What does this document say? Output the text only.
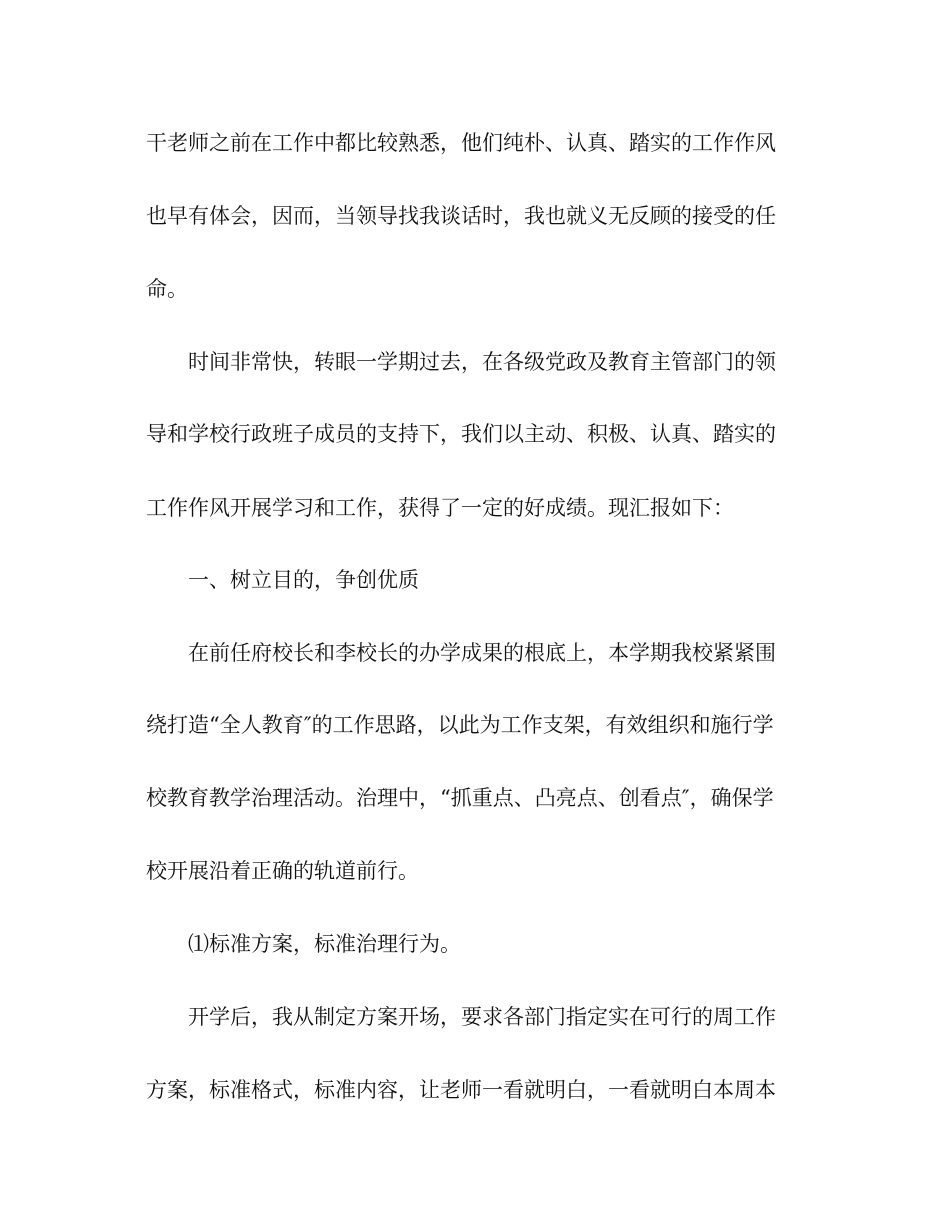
干老师之前在工作中都比较熟悉，他们纯朴、认真、踏实的工作作风
也早有体会，因而，当领导找我谈话时，我也就义无反顾的接受的任
命。
时间非常快，转眼一学期过去，在各级党政及教育主管部门的领
导和学校行政班子成员的支持下，我们以主动、积极、认真、踏实的
工作作风开展学习和工作，获得了一定的好成绩。现汇报如下：
一、树立目的，争创优质
在前任府校长和李校长的办学成果的根底上，本学期我校紧紧围
绕打造“全人教育″的工作思路，以此为工作支架，有效组织和施行学
校教育教学治理活动。治理中，“抓重点、凸亮点、创看点″，确保学
校开展沿着正确的轨道前行。
⑴标准方案，标准治理行为。
开学后，我从制定方案开场，要求各部门指定实在可行的周工作
方案，标准格式，标准内容，让老师一看就明白，一看就明白本周本
